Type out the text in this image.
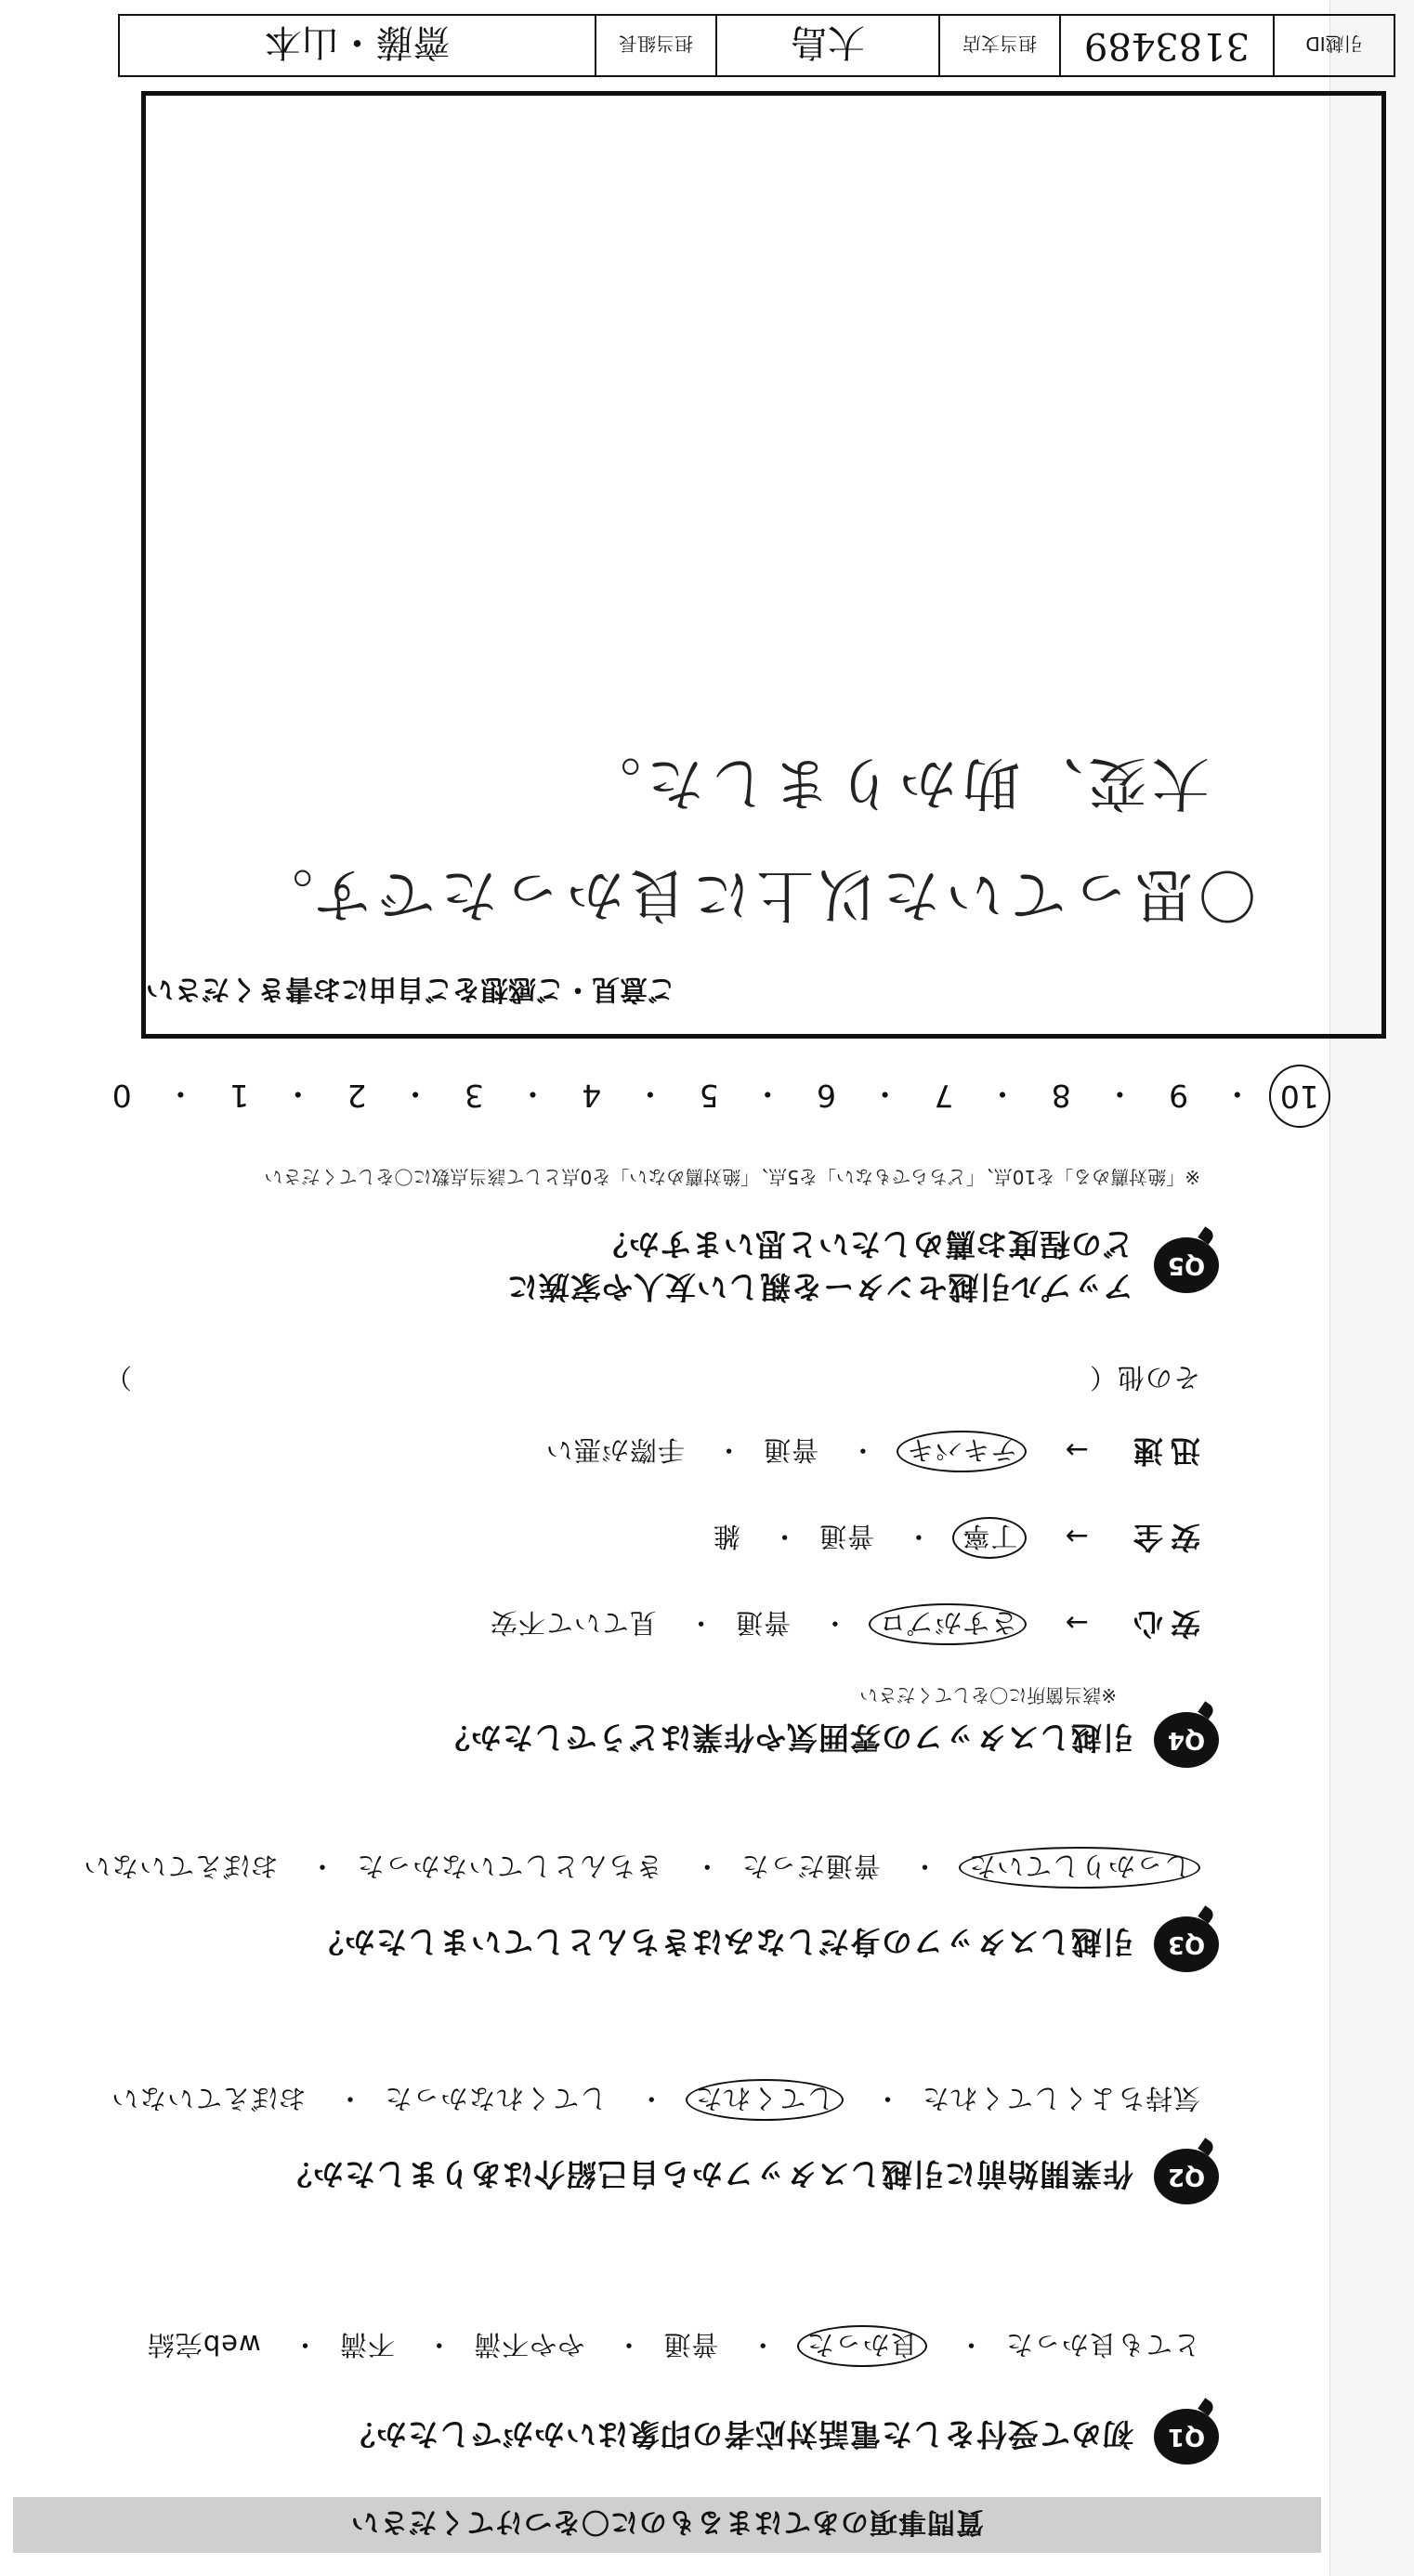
質問事項のあてはまるものに〇をつけてください
Q1
初めて受付をした電話対応者の印象はいかがでしたか？
とても良かった・ 良かった・ 普通・ やや不満・ 不満・ web完結
Q2
作業開始前に引越しスタッフから自己紹介はありましたか？
気持ちよくしてくれた・ してくれた・ してくれなかった・ おぼえていない
Q3
引越しスタッフの身だしなみはきちんとしていましたか？
しっかりしていた・ 普通だった・ きちんとしていなかった・ おぼえていない
Q4
引越しスタッフの雰囲気や作業はどうでしたか？
※該当箇所に〇をしてください
安心 → さすがプロ・ 普通・ 見ていて不安
安全 → 丁寧・ 普通・ 雑
迅速 → テキパキ・ 普通・ 手際が悪い
その他（
）
Q5
アップル引越センターを親しい友人や家族に
どの程度お薦めしたいと思いますか？
※「絶対薦める」を10点、「どちらでもない」を5点、「絶対薦めない」を0点として該当点数に〇をしてください
10
・
9
・
8
・
7
・
6
・
5
・
4
・
3
・
2
・
1
・
0
ご意見・ご感想をご自由にお書きください
〇思っていた以上に良かったです。
大変、助かりました。
引越ID
3183489
担当支店
大島
担当組長
齋藤・山本
